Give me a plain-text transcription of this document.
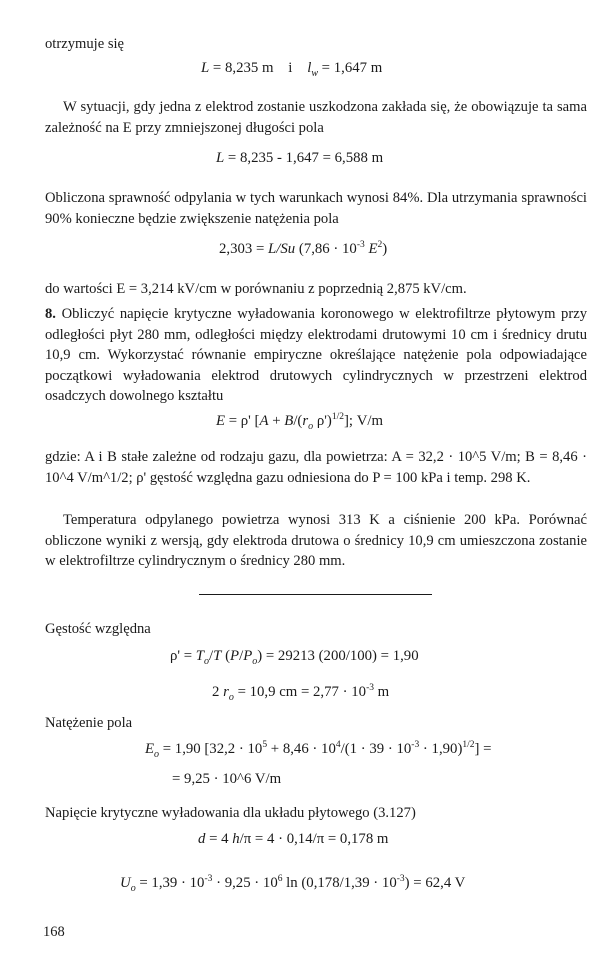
otrzymuje się

L = 8,235 m    i    $l_w = 1,647$ m

W sytuacji, gdy jedna z elektrod zostanie uszkodzona zakłada się, że obowiązuje ta sama zależność na E przy zmniejszonej długości pola

L = 8,235 - 1,647 = 6,588 m

Obliczona sprawność odpylania w tych warunkach wynosi 84%. Dla utrzymania sprawności 90% konieczne będzie zwiększenie natężenia pola

2,303 = L/Su ($7,86 \cdot 10^{-3}$ $E^2$)

do wartości E = 3,214 kV/cm w porównaniu z poprzednią 2,875 kV/cm.

8. Obliczyć napięcie krytyczne wyładowania koronowego w elektrofiltrze płytowym przy odległości płyt 280 mm, odległości między elektrodami drutowymi 10 cm i średnicy drutu 10,9 cm. Wykorzystać równanie empiryczne określające natężenie pola odpowiadające początkowi wyładowania elektrod drutowych cylindrycznych w przestrzeni elektrod osadczych dowolnego kształtu
E = ρ' [$A + B/(r_o$ ρ')$^{1/2}$]; V/m

gdzie: A i B stałe zależne od rodzaju gazu, dla powietrza: A = 32,2 · 10^5 V/m; B = 8,46 · 10^4 V/m^1/2; ρ' gęstość względna gazu odniesiona do P = 100 kPa i temp. 298 K.

Temperatura odpylanego powietrza wynosi 313 K a ciśnienie 200 kPa. Porównać obliczone wyniki z wersją, gdy elektroda drutowa o średnicy 10,9 cm umieszczona zostanie w elektrofiltrze cylindrycznym o średnicy 280 mm.

Gęstość względna

$\rho' = T_o/T$ $(P/P_o) = 29213$ (200/100) = 1,90
2 $r_o = 10,9$ cm = $2,77 \cdot 10^{-3}$ m

Natężenie pola

$E_o = 1,90$ $[32,2 \cdot 10^5 + 8,46 \cdot 10^4/(1 \cdot 39 \cdot 10^{-3} \cdot 1,90)^{1/2}]$ =
= 9,25 · 10^6 V/m

Napięcie krytyczne wyładowania dla układu płytowego (3.127)

d = 4 h/π = 4 · 0,14/π = 0,178 m
$U_o = 1,39 \cdot 10^{-3} \cdot 9,25 \cdot 10^6$ $\ln (0,178/1,39 \cdot 10^{-3}) = 62,4$ V
168
